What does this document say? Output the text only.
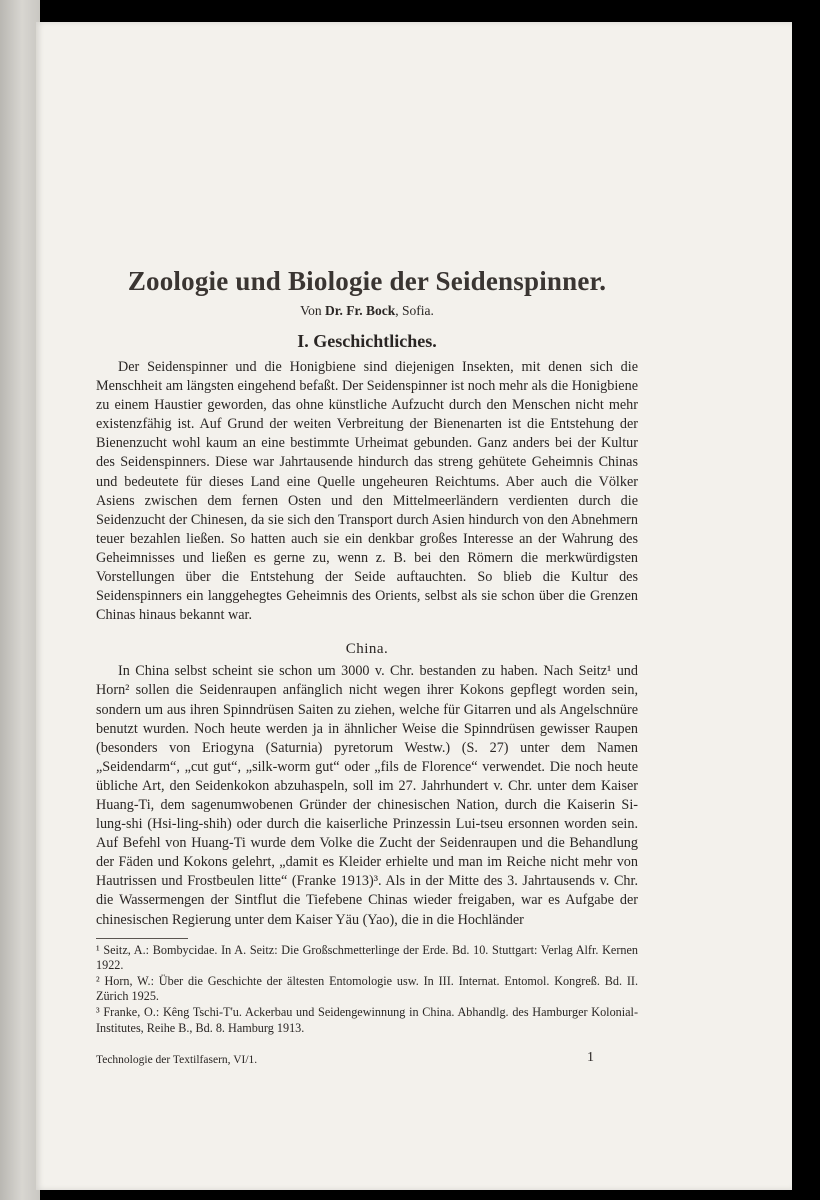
Zoologie und Biologie der Seidenspinner.

Von Dr. Fr. Bock, Sofia.

I. Geschichtliches.

Der Seidenspinner und die Honigbiene sind diejenigen Insekten, mit denen sich die Menschheit am längsten eingehend befaßt. Der Seidenspinner ist noch mehr als die Honigbiene zu einem Haustier geworden, das ohne künstliche Aufzucht durch den Menschen nicht mehr existenzfähig ist. Auf Grund der weiten Verbreitung der Bienenarten ist die Entstehung der Bienenzucht wohl kaum an eine bestimmte Urheimat gebunden. Ganz anders bei der Kultur des Seidenspinners. Diese war Jahrtausende hindurch das streng gehütete Geheimnis Chinas und bedeutete für dieses Land eine Quelle ungeheuren Reichtums. Aber auch die Völker Asiens zwischen dem fernen Osten und den Mittelmeerländern verdienten durch die Seidenzucht der Chinesen, da sie sich den Transport durch Asien hindurch von den Abnehmern teuer bezahlen ließen. So hatten auch sie ein denkbar großes Interesse an der Wahrung des Geheimnisses und ließen es gerne zu, wenn z. B. bei den Römern die merkwürdigsten Vorstellungen über die Entstehung der Seide auftauchten. So blieb die Kultur des Seidenspinners ein langgehegtes Geheimnis des Orients, selbst als sie schon über die Grenzen Chinas hinaus bekannt war.

China.

In China selbst scheint sie schon um 3000 v. Chr. bestanden zu haben. Nach Seitz¹ und Horn² sollen die Seidenraupen anfänglich nicht wegen ihrer Kokons gepflegt worden sein, sondern um aus ihren Spinndrüsen Saiten zu ziehen, welche für Gitarren und als Angelschnüre benutzt wurden. Noch heute werden ja in ähnlicher Weise die Spinndrüsen gewisser Raupen (besonders von Eriogyna (Saturnia) pyretorum Westw.) (S. 27) unter dem Namen „Seidendarm“, „cut gut“, „silk-worm gut“ oder „fils de Florence“ verwendet. Die noch heute übliche Art, den Seidenkokon abzuhaspeln, soll im 27. Jahrhundert v. Chr. unter dem Kaiser Huang-Ti, dem sagenumwobenen Gründer der chinesischen Nation, durch die Kaiserin Si-lung-shi (Hsi-ling-shih) oder durch die kaiserliche Prinzessin Lui-tseu ersonnen worden sein. Auf Befehl von Huang-Ti wurde dem Volke die Zucht der Seidenraupen und die Behandlung der Fäden und Kokons gelehrt, „damit es Kleider erhielte und man im Reiche nicht mehr von Hautrissen und Frostbeulen litte“ (Franke 1913)³. Als in der Mitte des 3. Jahrtausends v. Chr. die Wassermengen der Sintflut die Tiefebene Chinas wieder freigaben, war es Aufgabe der chinesischen Regierung unter dem Kaiser Yäu (Yao), die in die Hochländer

¹ Seitz, A.: Bombycidae. In A. Seitz: Die Großschmetterlinge der Erde. Bd. 10. Stuttgart: Verlag Alfr. Kernen 1922.

² Horn, W.: Über die Geschichte der ältesten Entomologie usw. In III. Internat. Entomol. Kongreß. Bd. II. Zürich 1925.

³ Franke, O.: Kêng Tschi-T'u. Ackerbau und Seidengewinnung in China. Abhandlg. des Hamburger Kolonial-Institutes, Reihe B., Bd. 8. Hamburg 1913.

Technologie der Textilfasern, VI/1.	1
